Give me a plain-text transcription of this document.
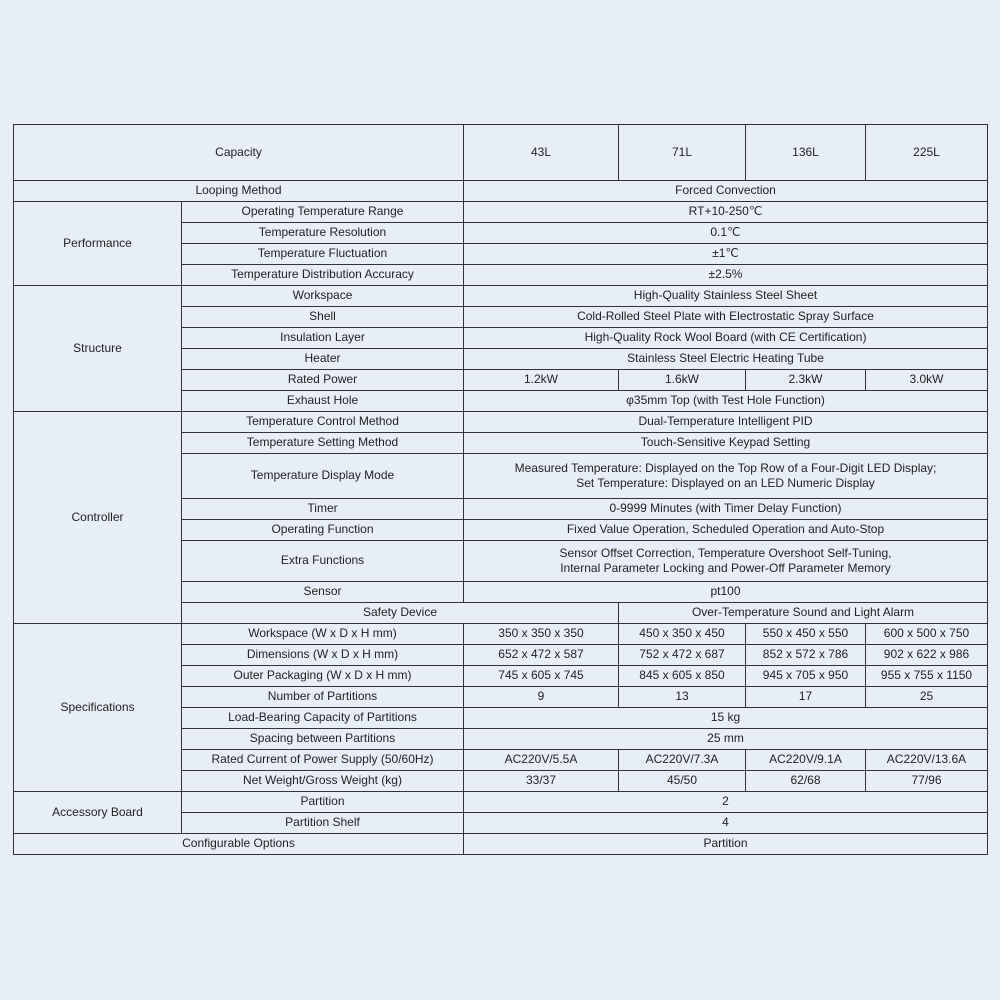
Capacity		43L	71L	136L	225L
Looping Method		Forced Convection			
Performance	Operating Temperature Range	RT+10-250℃			
	Temperature Resolution	0.1℃			
	Temperature Fluctuation	±1℃			
	Temperature Distribution Accuracy	±2.5%			
Structure	Workspace	High-Quality Stainless Steel Sheet			
	Shell	Cold-Rolled Steel Plate with Electrostatic Spray Surface			
	Insulation Layer	High-Quality Rock Wool Board (with CE Certification)			
	Heater	Stainless Steel Electric Heating Tube			
	Rated Power	1.2kW	1.6kW	2.3kW	3.0kW
	Exhaust Hole	φ35mm Top (with Test Hole Function)			
Controller	Temperature Control Method	Dual-Temperature Intelligent PID			
	Temperature Setting Method	Touch-Sensitive Keypad Setting			
	Temperature Display Mode	Measured Temperature: Displayed on the Top Row of a Four-Digit LED Display;
Set Temperature: Displayed on an LED Numeric Display			

	Timer	0-9999 Minutes (with Timer Delay Function)			
	Operating Function	Fixed Value Operation, Scheduled Operation and Auto-Stop			
	Extra Functions	Sensor Offset Correction, Temperature Overshoot Self-Tuning,
Internal Parameter Locking and Power-Off Parameter Memory			

	Sensor	pt100			
	Safety Device		Over-Temperature Sound and Light Alarm		
Specifications	Workspace (W x D x H mm)	350 x 350 x 350	450 x 350 x 450	550 x 450 x 550	600 x 500 x 750
	Dimensions (W x D x H mm)	652 x 472 x 587	752 x 472 x 687	852 x 572 x 786	902 x 622 x 986
	Outer Packaging (W x D x H mm)	745 x 605 x 745	845 x 605 x 850	945 x 705 x 950	955 x 755 x 1150
	Number of Partitions	9	13	17	25
	Load-Bearing Capacity of Partitions	15 kg			
	Spacing between Partitions	25 mm			
	Rated Current of Power Supply (50/60Hz)	AC220V/5.5A	AC220V/7.3A	AC220V/9.1A	AC220V/13.6A
	Net Weight/Gross Weight (kg)	33/37	45/50	62/68	77/96
Accessory Board	Partition	2			
	Partition Shelf	4			
Configurable Options		Partition			
